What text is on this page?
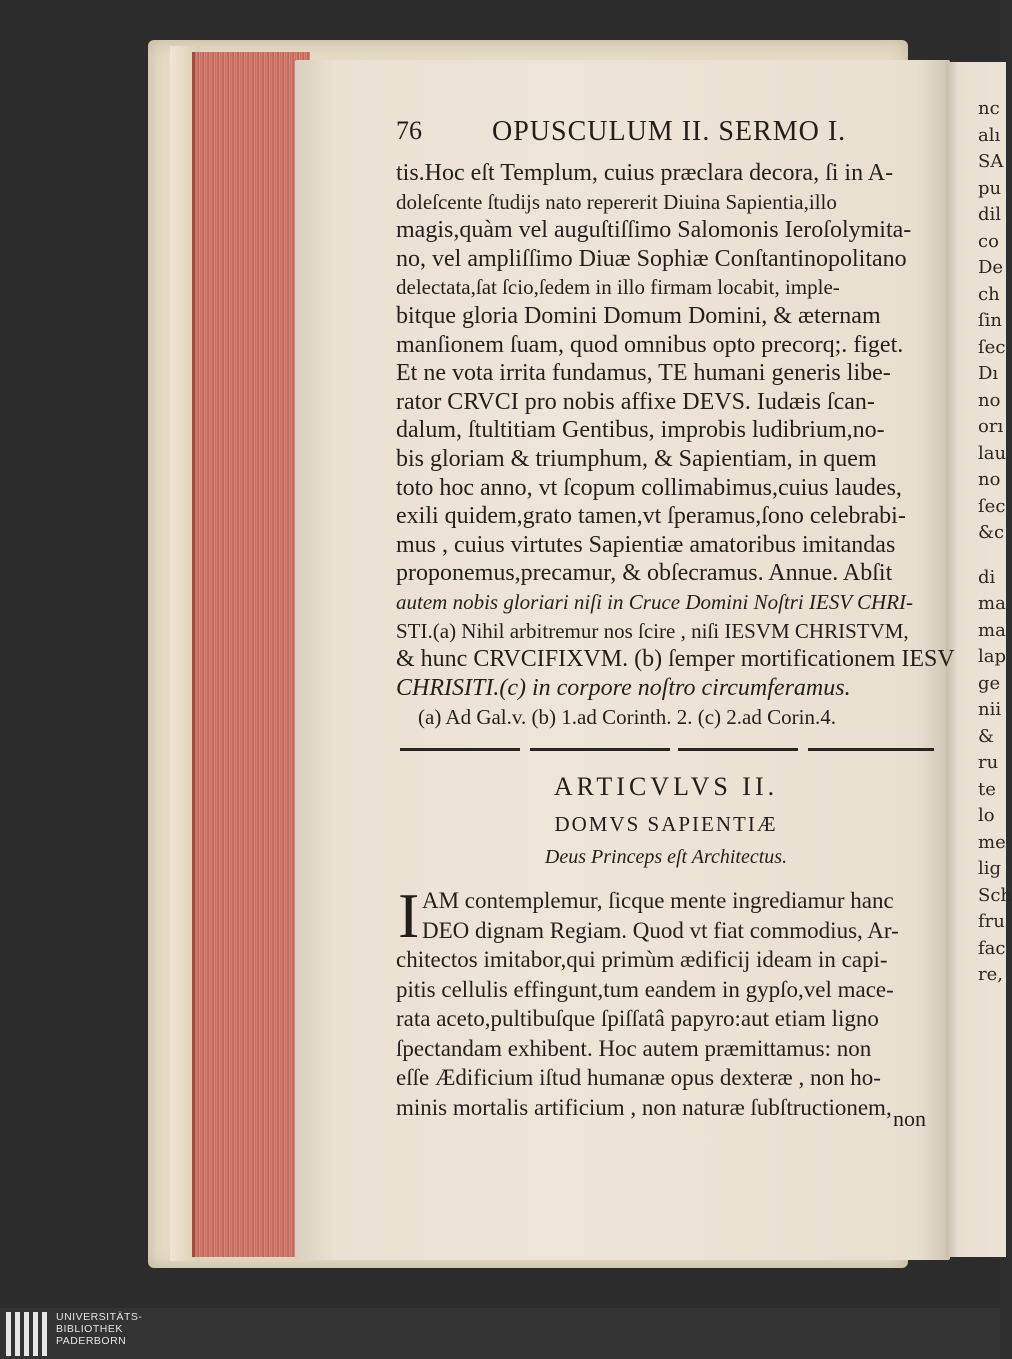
nc
alı
SA
pu
dil
co
De
ch
ſin
ſec
Dı
no
orı
lau
no
ſec
&c
di
ma
ma
lap
ge
nii
&
ru
te
lo
me
lig
Sch
fru
fac
re,
76	OPUSCULUM II. SERMO I.
tis.Hoc eſt Templum, cuius præclara decora, ſi in A-
doleſcente ſtudijs nato repererit Diuina Sapientia,illo
magis,quàm vel auguſtiſſimo Salomonis Ieroſolymita-
no, vel ampliſſimo Diuæ Sophiæ Conſtantinopolitano
delectata,ſat ſcio,ſedem in illo firmam locabit, imple-
bitque gloria Domini Domum Domini, & æternam
manſionem ſuam, quod omnibus opto precorq;. figet.
Et ne vota irrita fundamus, TE humani generis libe-
rator CRVCI pro nobis affixe DEVS. Iudæis ſcan-
dalum, ſtultitiam Gentibus, improbis ludibrium,no-
bis gloriam & triumphum, & Sapientiam, in quem
toto hoc anno, vt ſcopum collimabimus,cuius laudes,
exili quidem,grato tamen,vt ſperamus,ſono celebrabi-
mus , cuius virtutes Sapientiæ amatoribus imitandas
proponemus,precamur, & obſecramus. Annue. Abſit
autem nobis gloriari niſi in Cruce Domini Noſtri IESV CHRI-
STI.(a) Nihil arbitremur nos ſcire , niſi IESVM CHRISTVM,
& hunc CRVCIFIXVM. (b) ſemper mortificationem IESV
CHRISITI.(c) in corpore noſtro circumferamus.
(a) Ad Gal.v. (b) 1.ad Corinth. 2. (c) 2.ad Corin.4.
ARTICVLVS II.
DOMVS SAPIENTIÆ
Deus Princeps eſt Architectus.
I AM contemplemur, ſicque mente ingrediamur hanc
DEO dignam Regiam. Quod vt fiat commodius, Ar-
chitectos imitabor,qui primùm ædificij ideam in capi-
pitis cellulis effingunt,tum eandem in gypſo,vel mace-
rata aceto,pultibuſque ſpiſſatâ papyro:aut etiam ligno
ſpectandam exhibent. Hoc autem præmittamus: non
eſſe Ædificium iſtud humanæ opus dexteræ , non ho-
minis mortalis artificium , non naturæ ſubſtructionem, non
UNIVERSITÄTS-
BIBLIOTHEK
PADERBORN
